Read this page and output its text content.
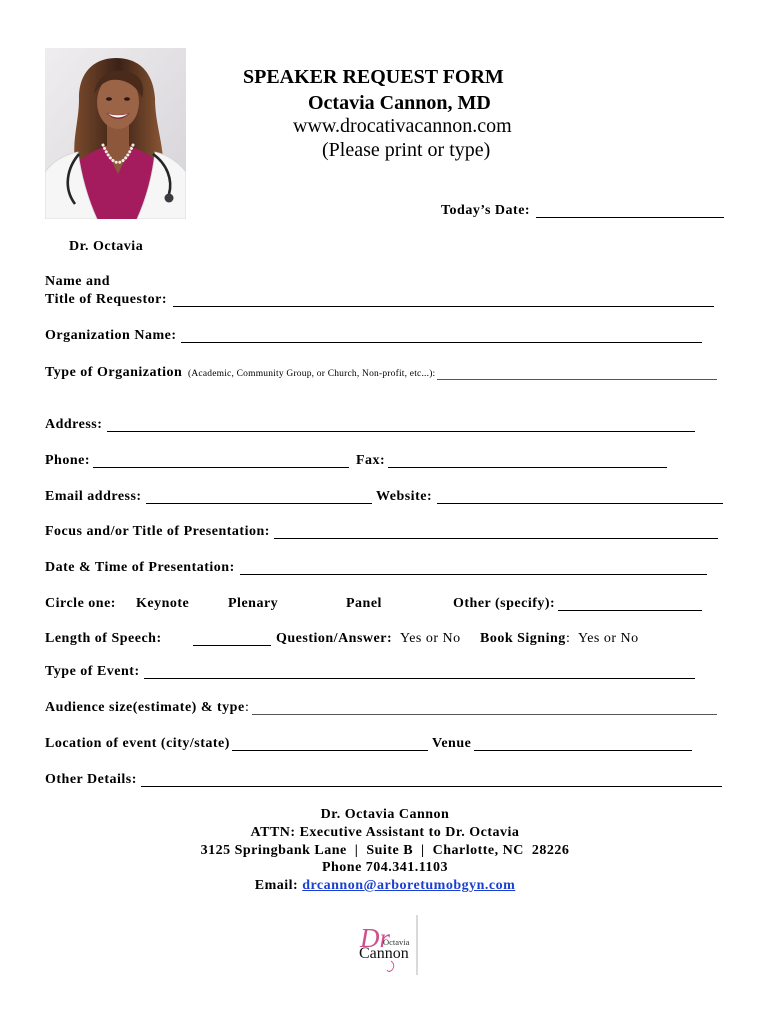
SPEAKER REQUEST FORM
Octavia Cannon, MD
www.drocativacannon.com
(Please print or type)
Today’s Date:
Dr. Octavia
Name and
Title of Requestor:
Organization Name:
Type of Organization (Academic, Community Group, or Church, Non-profit, etc...):
Address:
Phone:	Fax:
Email address:	Website:
Focus and/or Title of Presentation:
Date & Time of Presentation:
Circle one: Keynote	Plenary	Panel	Other (specify):
Length of Speech:	Question/Answer: Yes or No Book Signing : Yes or No
Type of Event:
Audience size(estimate) & type :
Location of event (city/state)	Venue
Other Details:
Dr. Octavia Cannon
ATTN: Executive Assistant to Dr. Octavia
3125 Springbank Lane  |  Suite B  |  Charlotte, NC  28226
Phone 704.341.1103
Email: drcannon@arboretumobgyn.com
Dr
Octavia
Cannon
